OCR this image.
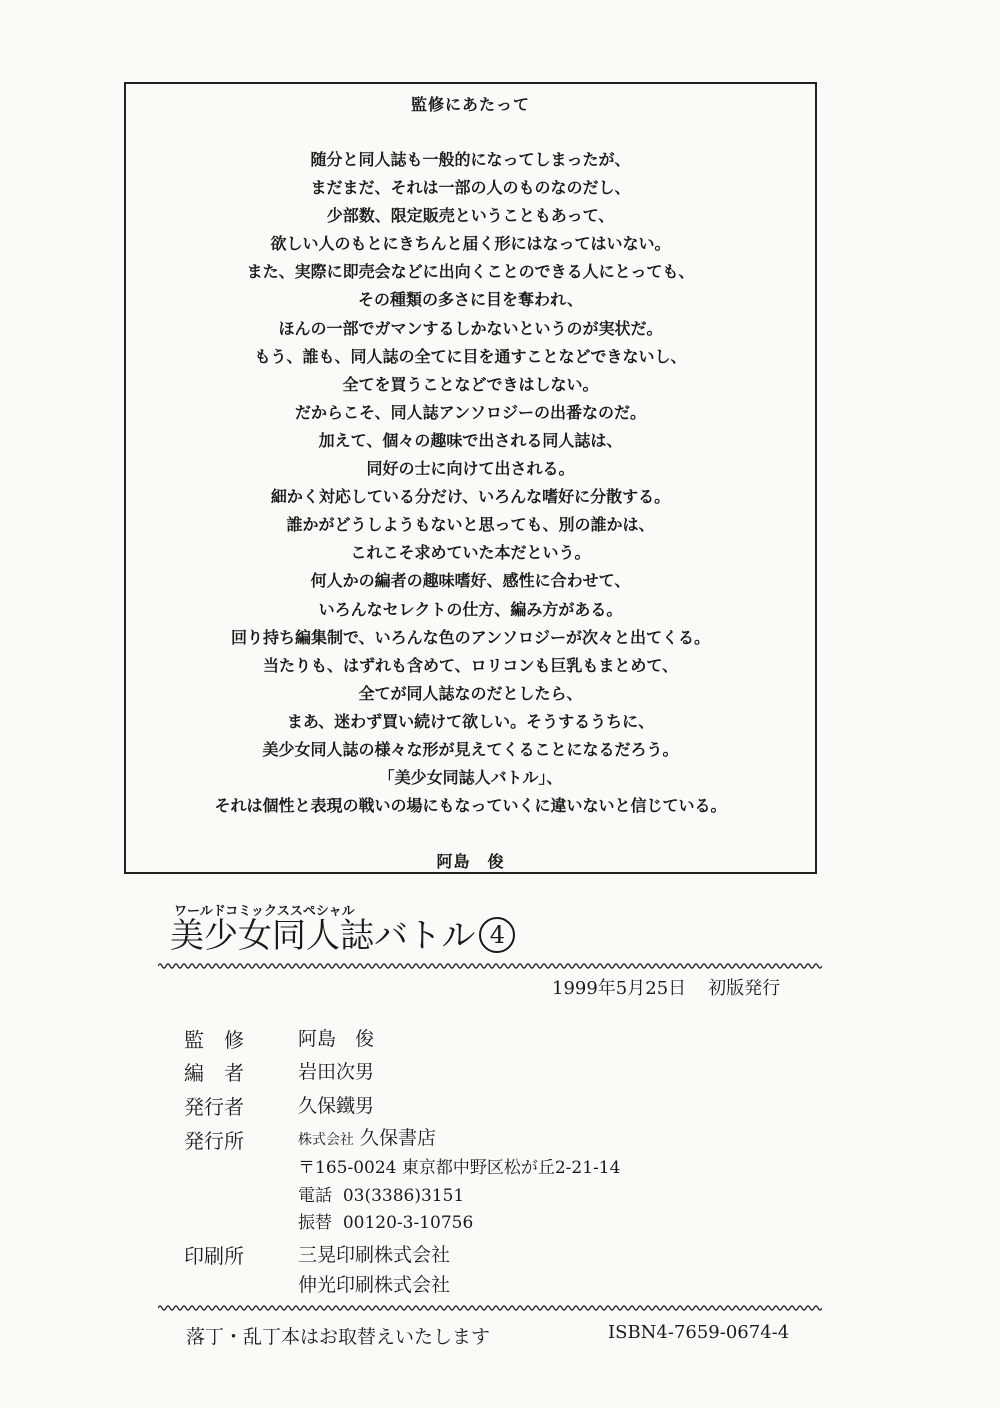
監修にあたって
随分と同人誌も一般的になってしまったが、
まだまだ、それは一部の人のものなのだし、
少部数、限定販売ということもあって、
欲しい人のもとにきちんと届く形にはなってはいない。
また、実際に即売会などに出向くことのできる人にとっても、
その種類の多さに目を奪われ、
ほんの一部でガマンするしかないというのが実状だ。
もう、誰も、同人誌の全てに目を通すことなどできないし、
全てを買うことなどできはしない。
だからこそ、同人誌アンソロジーの出番なのだ。
加えて、個々の趣味で出される同人誌は、
同好の士に向けて出される。
細かく対応している分だけ、いろんな嗜好に分散する。
誰かがどうしようもないと思っても、別の誰かは、
これこそ求めていた本だという。
何人かの編者の趣味嗜好、感性に合わせて、
いろんなセレクトの仕方、編み方がある。
回り持ち編集制で、いろんな色のアンソロジーが次々と出てくる。
当たりも、はずれも含めて、ロリコンも巨乳もまとめて、
全てが同人誌なのだとしたら、
まあ、迷わず買い続けて欲しい。そうするうちに、
美少女同人誌の様々な形が見えてくることになるだろう。
「美少女同誌人バトル」、
それは個性と表現の戦いの場にもなっていくに違いないと信じている。
阿島　俊
ワールドコミックススペシャル
美少女同人誌バトル 4
1999年5月25日 初版発行
監　修	阿島　俊
編　者	岩田次男
発行者	久保鐵男
発行所	株式会社 久保書店
〒165-0024 東京都中野区松が丘2-21-14
電話 03(3386)3151
振替 00120-3-10756
印刷所	三晃印刷株式会社
伸光印刷株式会社
落丁・乱丁本はお取替えいたします	ISBN4-7659-0674-4
